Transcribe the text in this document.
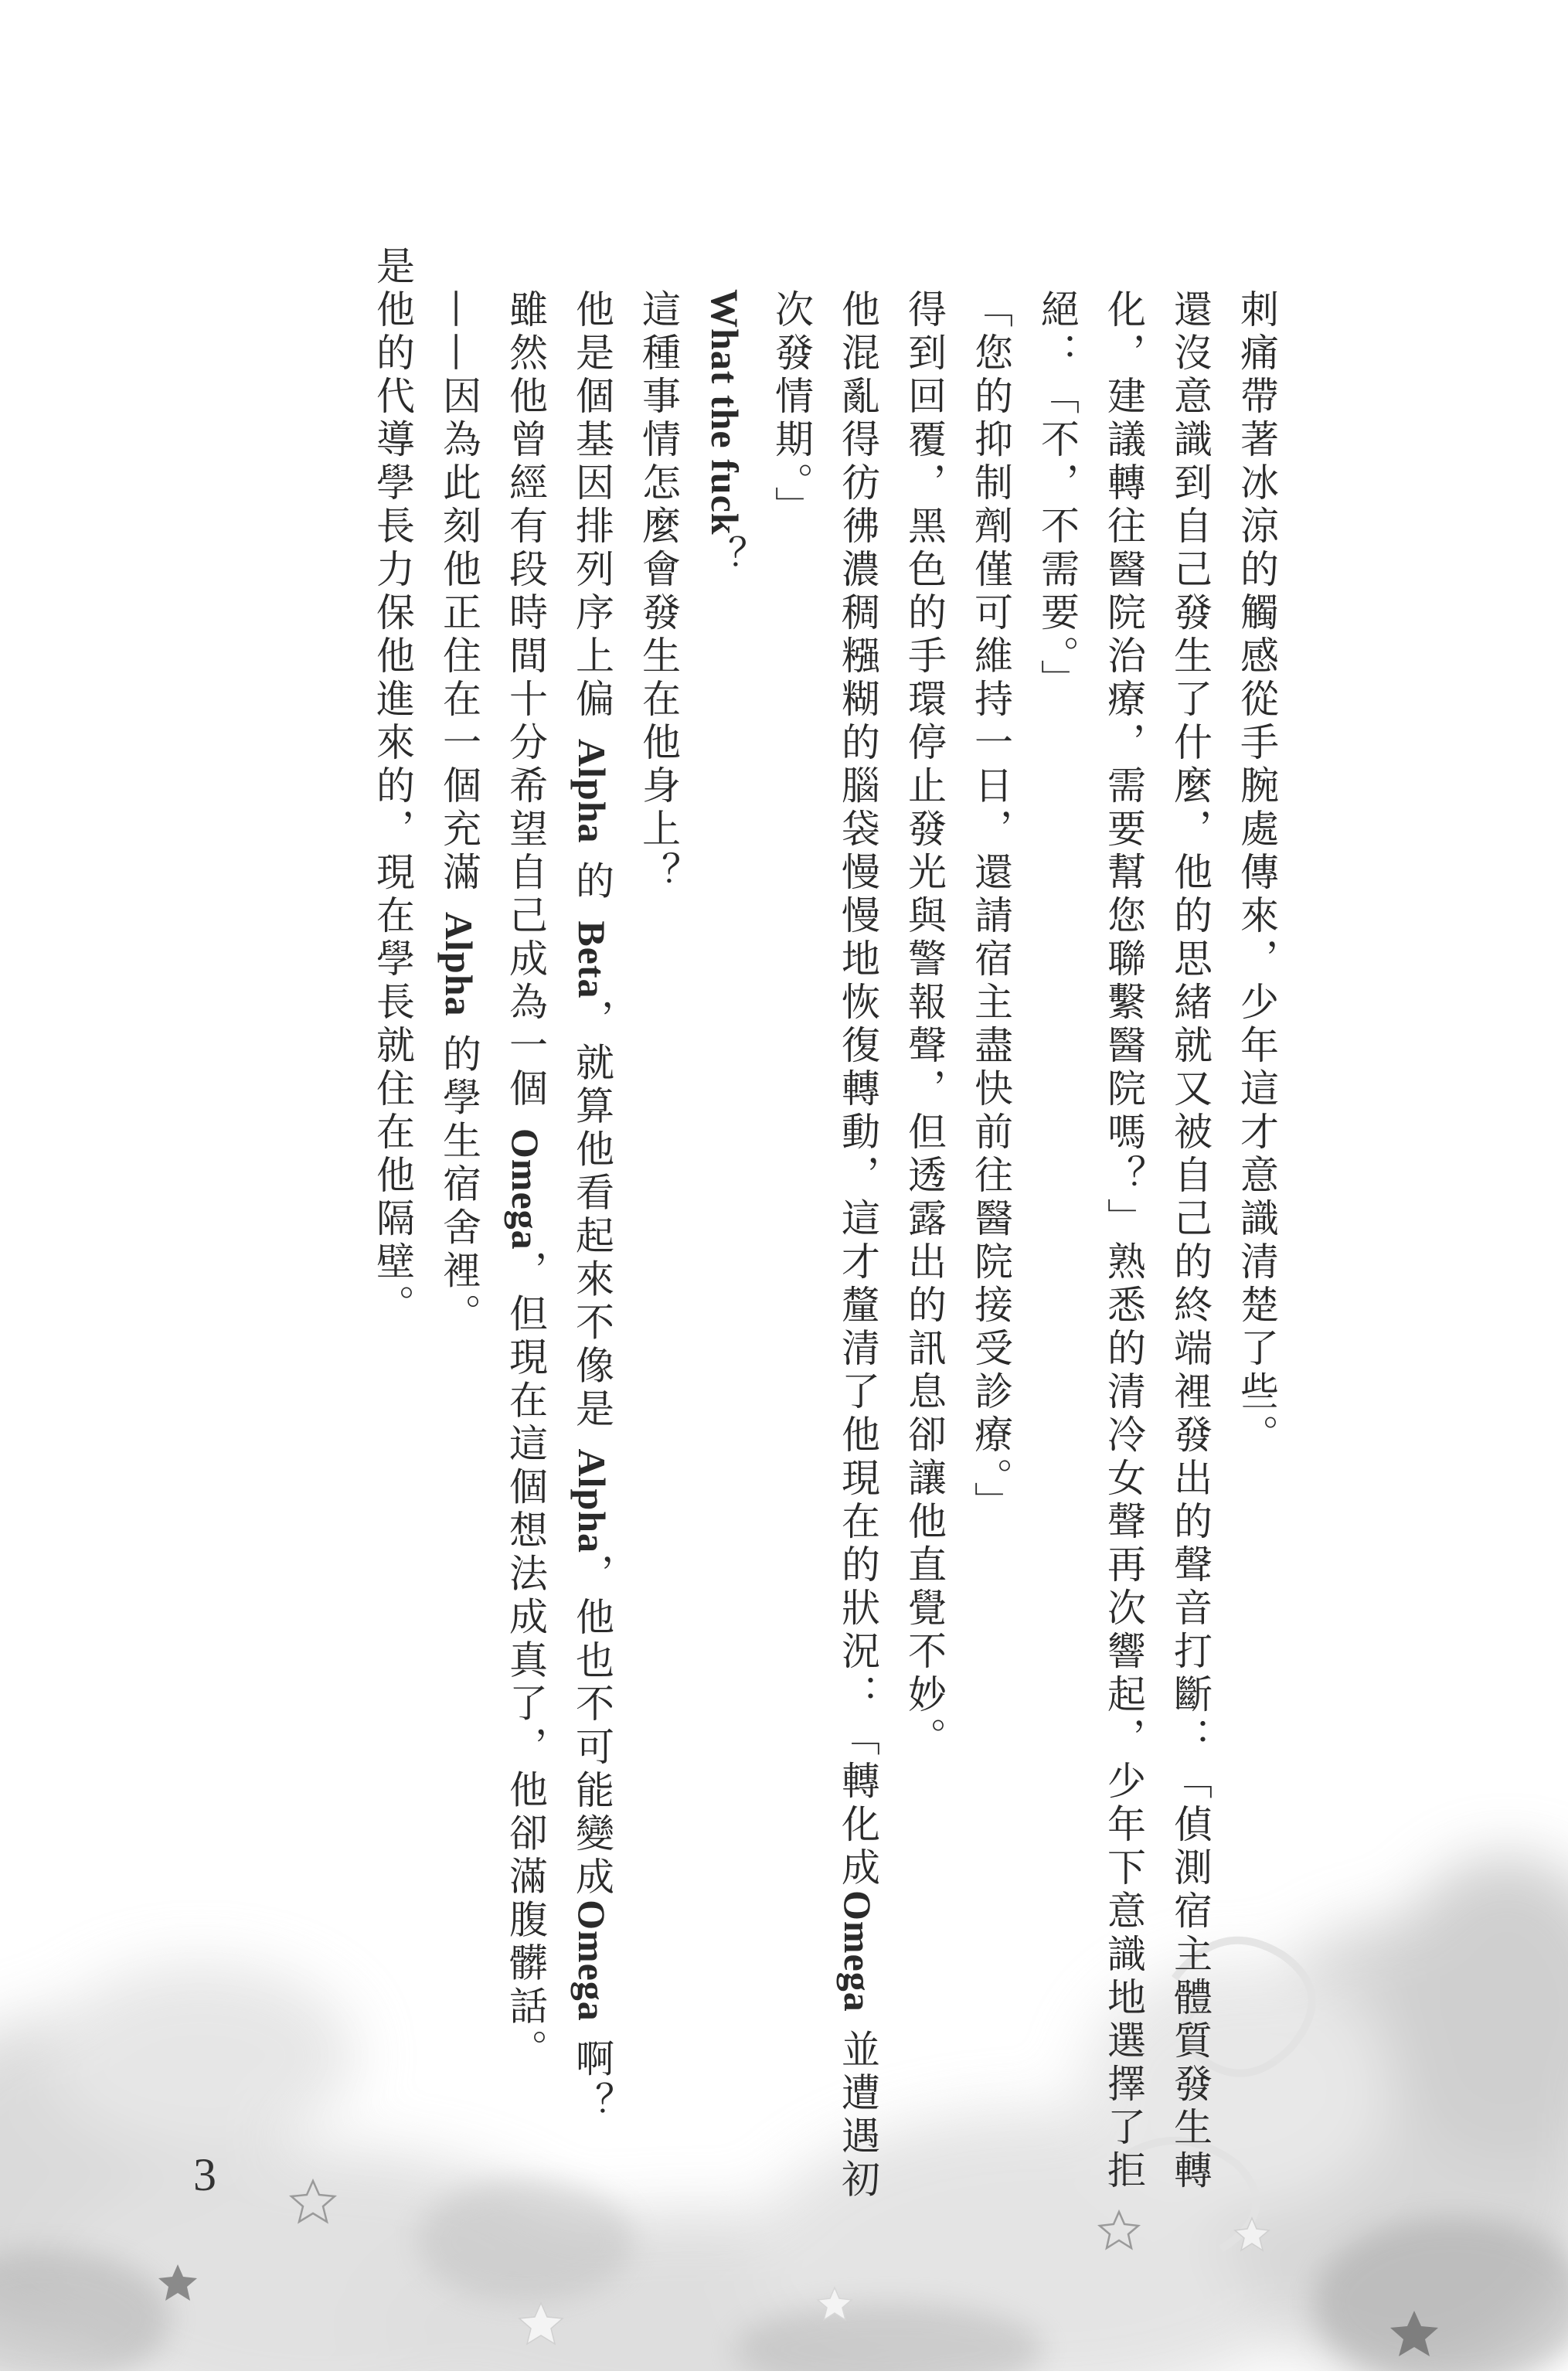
刺痛帶著冰涼的觸感從手腕處傳來，少年這才意識清楚了些。

還沒意識到自己發生了什麼，他的思緒就又被自己的終端裡發出的聲音打斷：「偵測宿主體質發生轉化，建議轉往醫院治療，需要幫您聯繫醫院嗎？」熟悉的清冷女聲再次響起，少年下意識地選擇了拒絕：「不，不需要。」

「您的抑制劑僅可維持一日，還請宿主盡快前往醫院接受診療。」

得到回覆，黑色的手環停止發光與警報聲，但透露出的訊息卻讓他直覺不妙。

他混亂得彷彿濃稠糨糊的腦袋慢慢地恢復轉動，這才釐清了他現在的狀況：「轉化成Omega 並遭遇初次發情期。」

What the fuck？

這種事情怎麼會發生在他身上？

他是個基因排列序上偏 Alpha 的 Beta，就算他看起來不像是 Alpha，他也不可能變成Omega 啊？

雖然他曾經有段時間十分希望自己成為一個 Omega，但現在這個想法成真了，他卻滿腹髒話。

——因為此刻他正住在一個充滿 Alpha 的學生宿舍裡。

是他的代導學長力保他進來的，現在學長就住在他隔壁。

3
